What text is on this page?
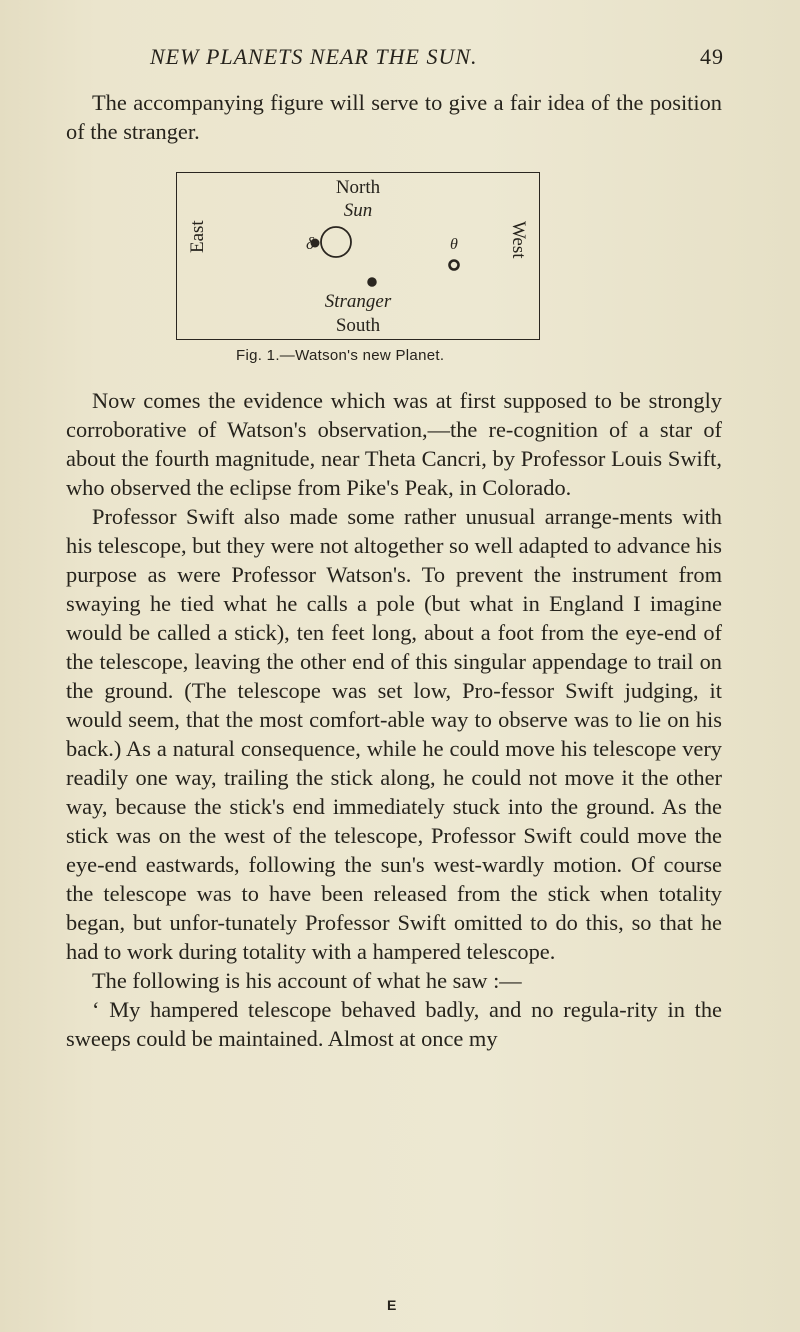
NEW PLANETS NEAR THE SUN.	49

The accompanying figure will serve to give a fair idea of the position of the stranger.

δ	θ
North
Sun
East	West
Stranger
South
Fig. 1.—Watson's new Planet.

Now comes the evidence which was at first supposed to be strongly corroborative of Watson's observation,—the re-cognition of a star of about the fourth magnitude, near Theta Cancri, by Professor Louis Swift, who observed the eclipse from Pike's Peak, in Colorado.

Professor Swift also made some rather unusual arrange-ments with his telescope, but they were not altogether so well adapted to advance his purpose as were Professor Watson's. To prevent the instrument from swaying he tied what he calls a pole (but what in England I imagine would be called a stick), ten feet long, about a foot from the eye-end of the telescope, leaving the other end of this singular appendage to trail on the ground. (The telescope was set low, Pro-fessor Swift judging, it would seem, that the most comfort-able way to observe was to lie on his back.) As a natural consequence, while he could move his telescope very readily one way, trailing the stick along, he could not move it the other way, because the stick's end immediately stuck into the ground. As the stick was on the west of the telescope, Professor Swift could move the eye-end eastwards, following the sun's west-wardly motion. Of course the telescope was to have been released from the stick when totality began, but unfor-tunately Professor Swift omitted to do this, so that he had to work during totality with a hampered telescope.

The following is his account of what he saw :—

‘ My hampered telescope behaved badly, and no regula-rity in the sweeps could be maintained. Almost at once my

E
